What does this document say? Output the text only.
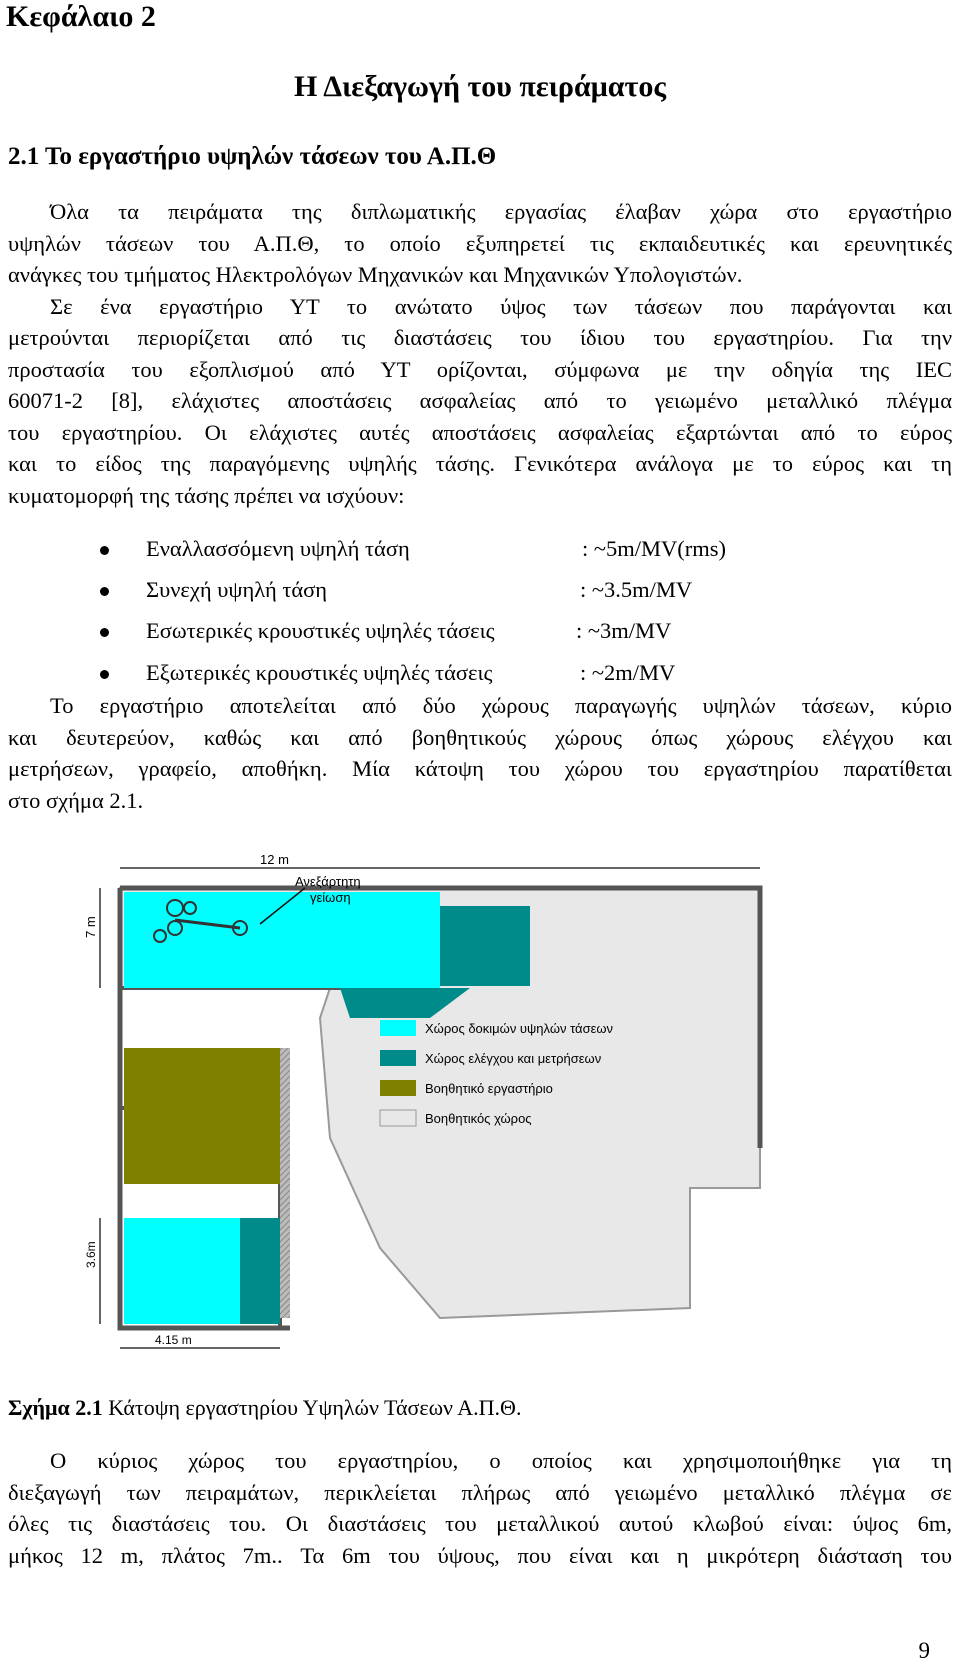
Κεφάλαιο 2
Η Διεξαγωγή του πειράματος
2.1 Το εργαστήριο υψηλών τάσεων του Α.Π.Θ
Όλα τα πειράματα της διπλωματικής εργασίας έλαβαν χώρα στο εργαστήριο
υψηλών τάσεων του Α.Π.Θ, το οποίο εξυπηρετεί τις εκπαιδευτικές και ερευνητικές
ανάγκες του τμήματος Ηλεκτρολόγων Μηχανικών και Μηχανικών Υπολογιστών.
Σε ένα εργαστήριο ΥΤ το ανώτατο ύψος των τάσεων που παράγονται και
μετρούνται περιορίζεται από τις διαστάσεις του ίδιου του εργαστηρίου. Για την
προστασία του εξοπλισμού από ΥΤ ορίζονται, σύμφωνα με την οδηγία της IEC
60071-2 [8], ελάχιστες αποστάσεις ασφαλείας από το γειωμένο μεταλλικό πλέγμα
του εργαστηρίου. Οι ελάχιστες αυτές αποστάσεις ασφαλείας εξαρτώνται από το εύρος
και το είδος της παραγόμενης υψηλής τάσης. Γενικότερα ανάλογα με το εύρος και τη
κυματομορφή της τάσης πρέπει να ισχύουν:
Εναλλασσόμενη υψηλή τάση	: ~5m/MV(rms)
Συνεχή υψηλή τάση	: ~3.5m/MV
Εσωτερικές κρουστικές υψηλές τάσεις	: ~3m/MV
Εξωτερικές κρουστικές υψηλές τάσεις	: ~2m/MV
Το εργαστήριο αποτελείται από δύο χώρους παραγωγής υψηλών τάσεων, κύριο
και δευτερεύον, καθώς και από βοηθητικούς χώρους όπως χώρους ελέγχου και
μετρήσεων, γραφείο, αποθήκη. Μία κάτοψη του χώρου του εργαστηρίου παρατίθεται
στο σχήμα 2.1.
Ανεξάρτητη
γείωση
12 m
7 m
3.6m
4.15 m
Χώρος δοκιμών υψηλών τάσεων
Χώρος ελέγχου και μετρήσεων
Βοηθητικό εργαστήριο
Βοηθητικός χώρος
Σχήμα 2.1 Κάτοψη εργαστηρίου Υψηλών Τάσεων Α.Π.Θ.
Ο κύριος χώρος του εργαστηρίου, ο οποίος και χρησιμοποιήθηκε για τη
διεξαγωγή των πειραμάτων, περικλείεται πλήρως από γειωμένο μεταλλικό πλέγμα σε
όλες τις διαστάσεις του. Οι διαστάσεις του μεταλλικού αυτού κλωβού είναι: ύψος 6m,
μήκος 12 m, πλάτος 7m.. Τα 6m του ύψους, που είναι και η μικρότερη διάσταση του
9
